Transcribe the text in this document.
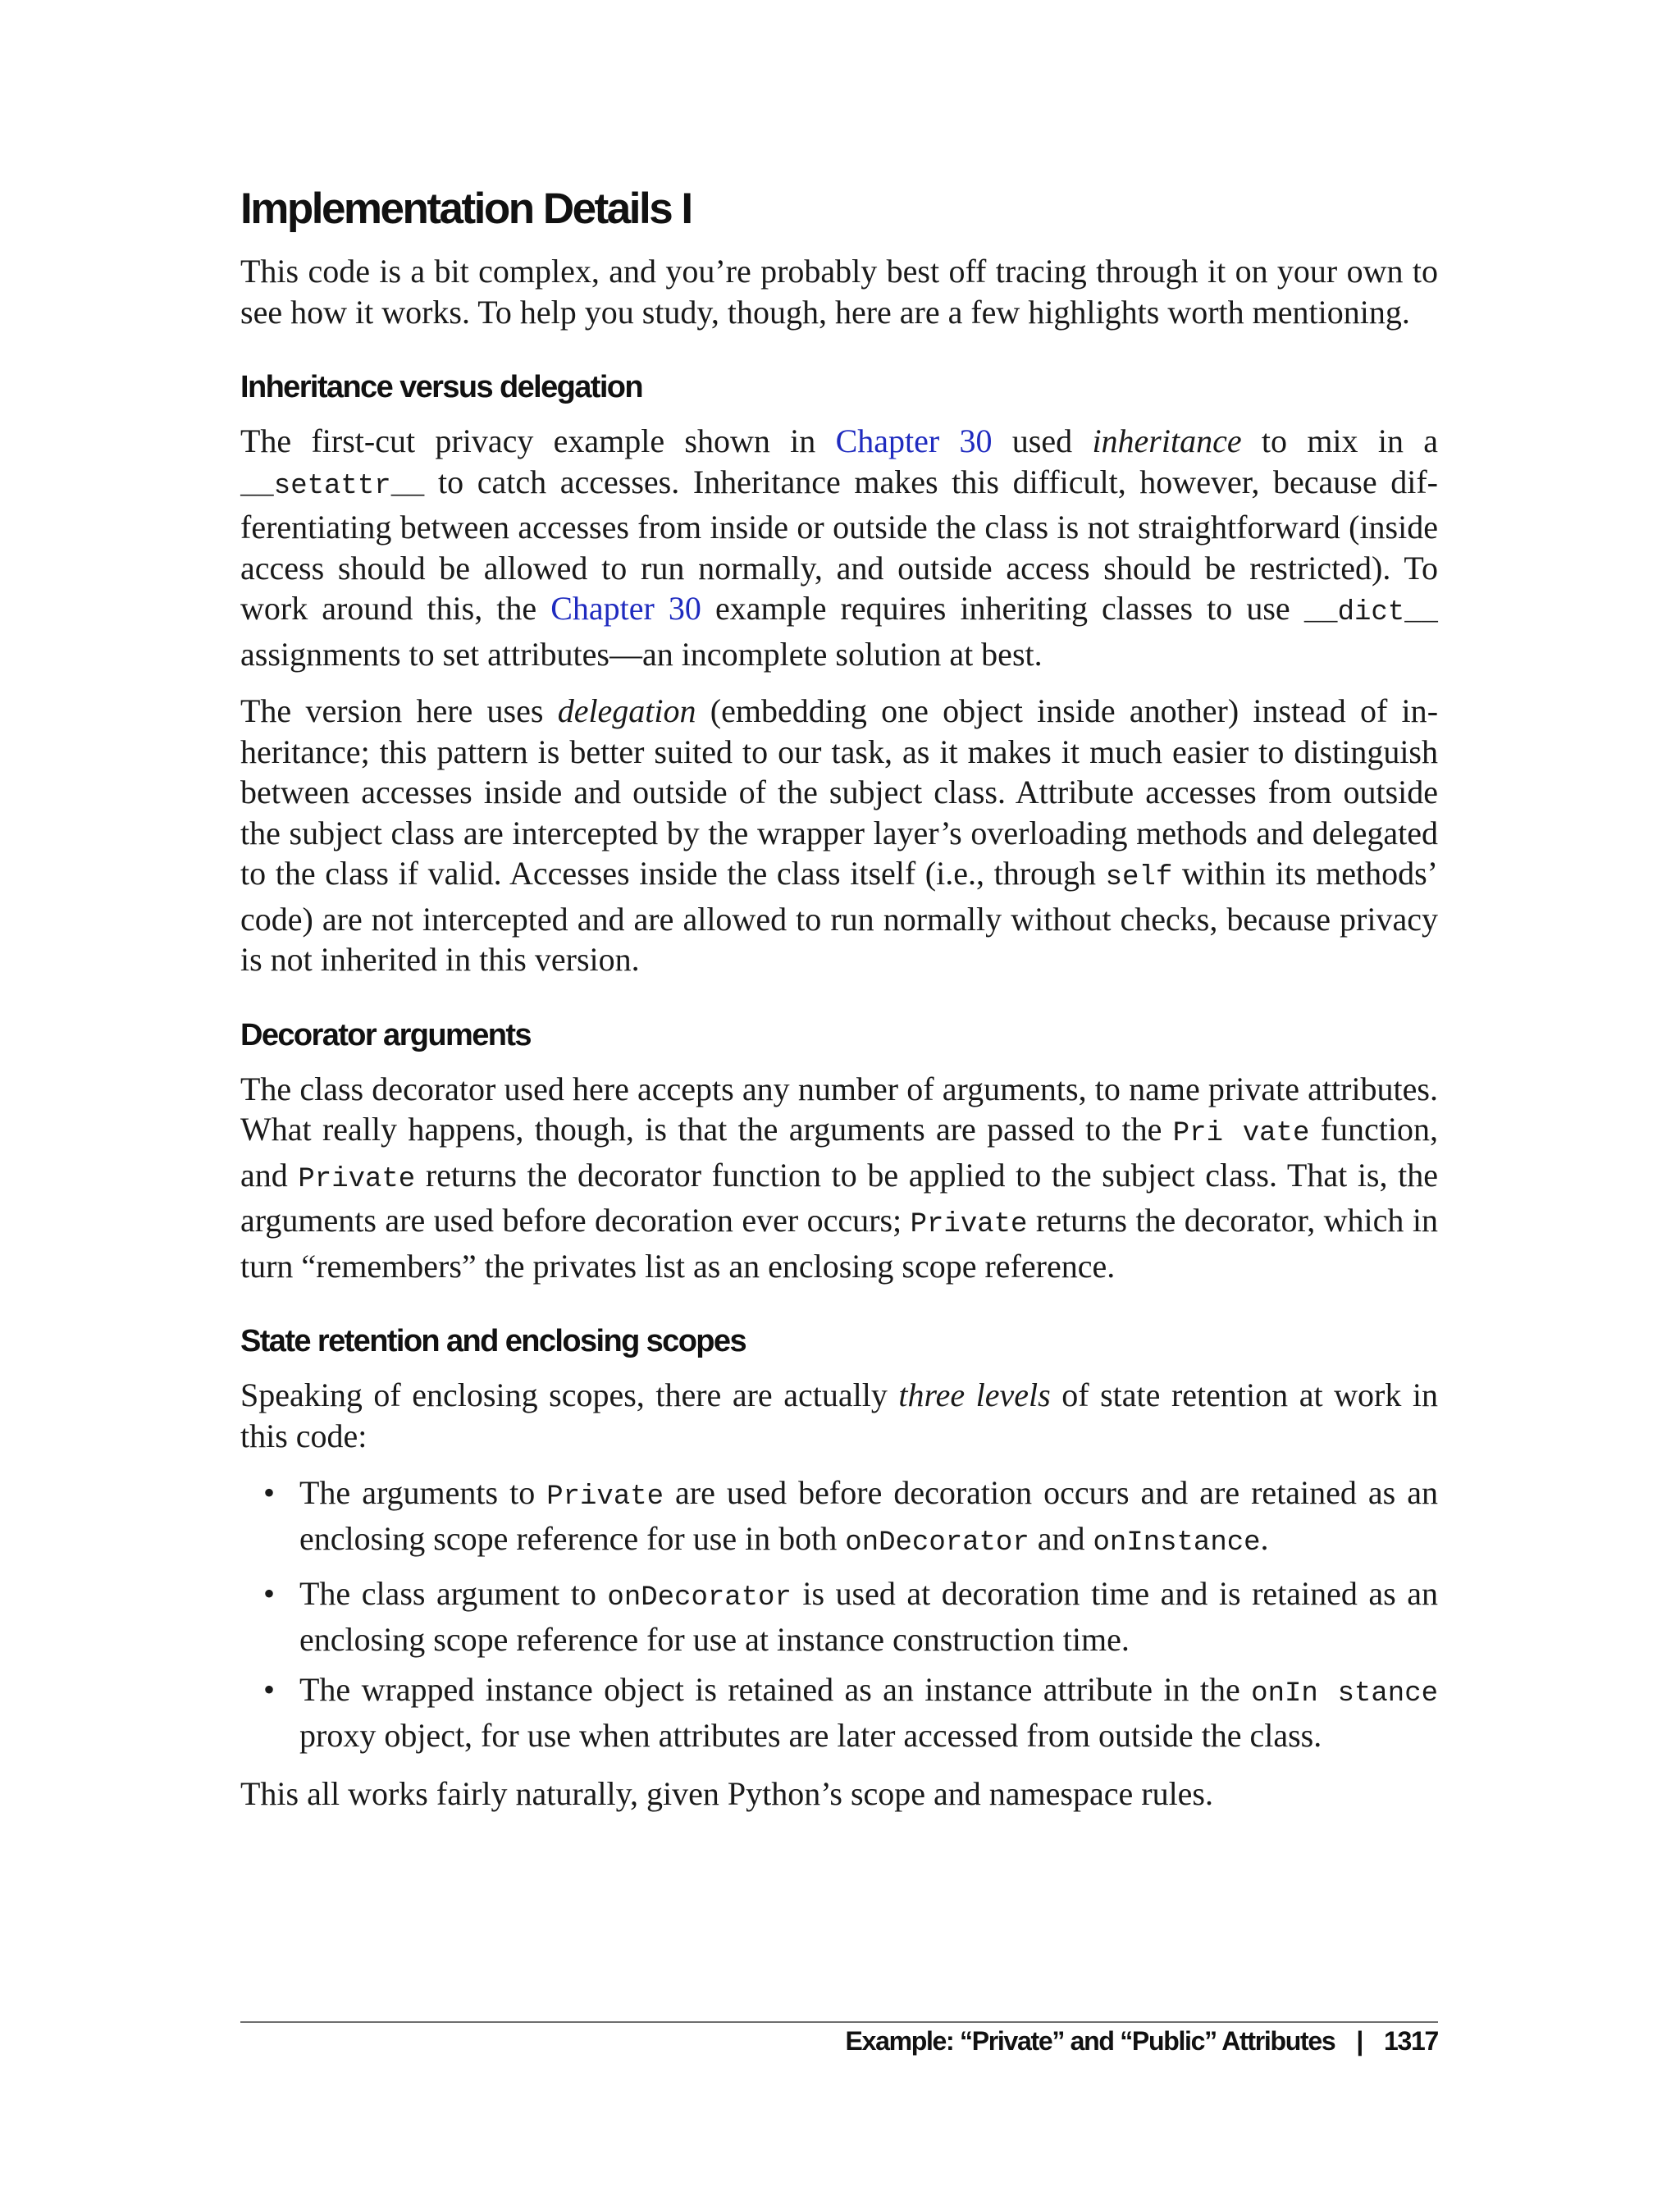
Implementation Details I

This code is a bit complex, and you’re probably best off tracing through it on your own to see how it works. To help you study, though, here are a few highlights worth mentioning.

Inheritance versus delegation

The first-cut privacy example shown in Chapter 30 used inheritance to mix in a __setattr__ to catch accesses. Inheritance makes this difficult, however, because differentiating between accesses from inside or outside the class is not straightforward (inside access should be allowed to run normally, and outside access should be restricted). To work around this, the Chapter 30 example requires inheriting classes to use __dict__ assignments to set attributes—an incomplete solution at best.

The version here uses delegation (embedding one object inside another) instead of inheritance; this pattern is better suited to our task, as it makes it much easier to distinguish between accesses inside and outside of the subject class. Attribute accesses from outside the subject class are intercepted by the wrapper layer’s overloading methods and delegated to the class if valid. Accesses inside the class itself (i.e., through self within its methods’ code) are not intercepted and are allowed to run normally without checks, because privacy is not inherited in this version.

Decorator arguments

The class decorator used here accepts any number of arguments, to name private attributes. What really happens, though, is that the arguments are passed to the Pri vate function, and Private returns the decorator function to be applied to the subject class. That is, the arguments are used before decoration ever occurs; Private returns the decorator, which in turn “remembers” the privates list as an enclosing scope reference.

State retention and enclosing scopes

Speaking of enclosing scopes, there are actually three levels of state retention at work in this code:

• The arguments to Private are used before decoration occurs and are retained as an enclosing scope reference for use in both onDecorator and onInstance.
• The class argument to onDecorator is used at decoration time and is retained as an enclosing scope reference for use at instance construction time.
• The wrapped instance object is retained as an instance attribute in the onIn stance proxy object, for use when attributes are later accessed from outside the class.

This all works fairly naturally, given Python’s scope and namespace rules.

Example: “Private” and “Public” Attributes | 1317
